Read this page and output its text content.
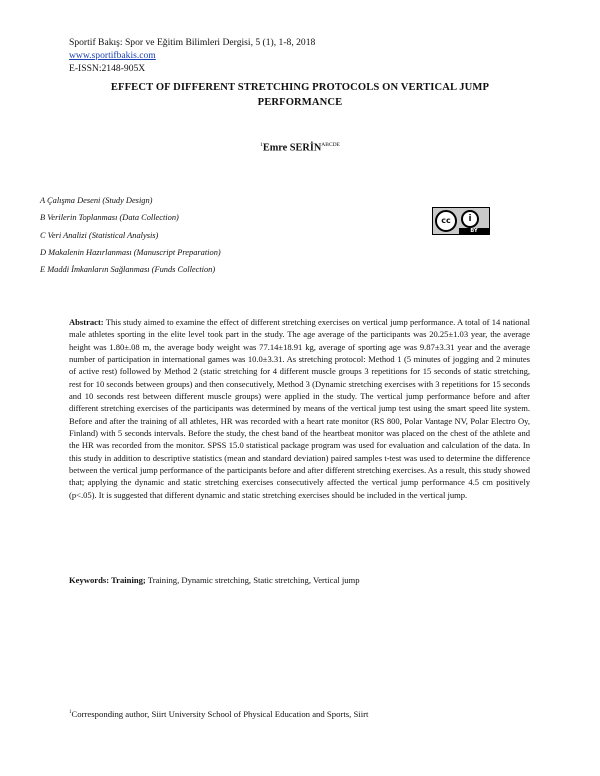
Sportif Bakış: Spor ve Eğitim Bilimleri Dergisi, 5 (1), 1-8, 2018
www.sportifbakis.com
E-ISSN:2148-905X
EFFECT OF DIFFERENT STRETCHING PROTOCOLS ON VERTICAL JUMP PERFORMANCE
$^1$Emre $SERİN^{ABCDE}$
A Çalışma Deseni (Study Design)
B Verilerin Toplanması (Data Collection)
C Veri Analizi (Statistical Analysis)
D Makalenin Hazırlanması (Manuscript Preparation)
E Maddi İmkanların Sağlanması (Funds Collection)
cc	i
BY
Abstract: This study aimed to examine the effect of different stretching exercises on vertical jump performance. A total of 14 national male athletes sporting in the elite level took part in the study. The age average of the participants was 20.25±1.03 year, the average height was 1.80±.08 m, the average body weight was 77.14±18.91 kg, average of sporting age was 9.87±3.31 year and the average number of participation in international games was 10.0±3.31. As stretching protocol: Method 1 (5 minutes of jogging and 2 minutes of active rest) followed by Method 2 (static stretching for 4 different muscle groups 3 repetitions for 15 seconds of static stretching, rest for 10 seconds between groups) and then consecutively, Method 3 (Dynamic stretching exercises with 3 repetitions for 15 seconds and 10 seconds rest between different muscle groups) were applied in the study. The vertical jump performance before and after different stretching exercises of the participants was determined by means of the vertical jump test using the smart speed lite system. Before and after the training of all athletes, HR was recorded with a heart rate monitor (RS 800, Polar Vantage NV, Polar Electro Oy, Finland) with 5 seconds intervals. Before the study, the chest band of the heartbeat monitor was placed on the chest of the athlete and the HR was recorded from the monitor. SPSS 15.0 statistical package program was used for evaluation and calculation of the data. In this study in addition to descriptive statistics (mean and standard deviation) paired samples t-test was used to determine the difference between the vertical jump performance of the participants before and after different stretching exercises. As a result, this study showed that; applying the dynamic and static stretching exercises consecutively affected the vertical jump performance 4.5 cm positively (p<.05). It is suggested that different dynamic and static stretching exercises should be included in the vertical jump.
Keywords: Training; Training, Dynamic stretching, Static stretching, Vertical jump
$^1$Corresponding author, Siirt University School of Physical Education and Sports, Siirt
